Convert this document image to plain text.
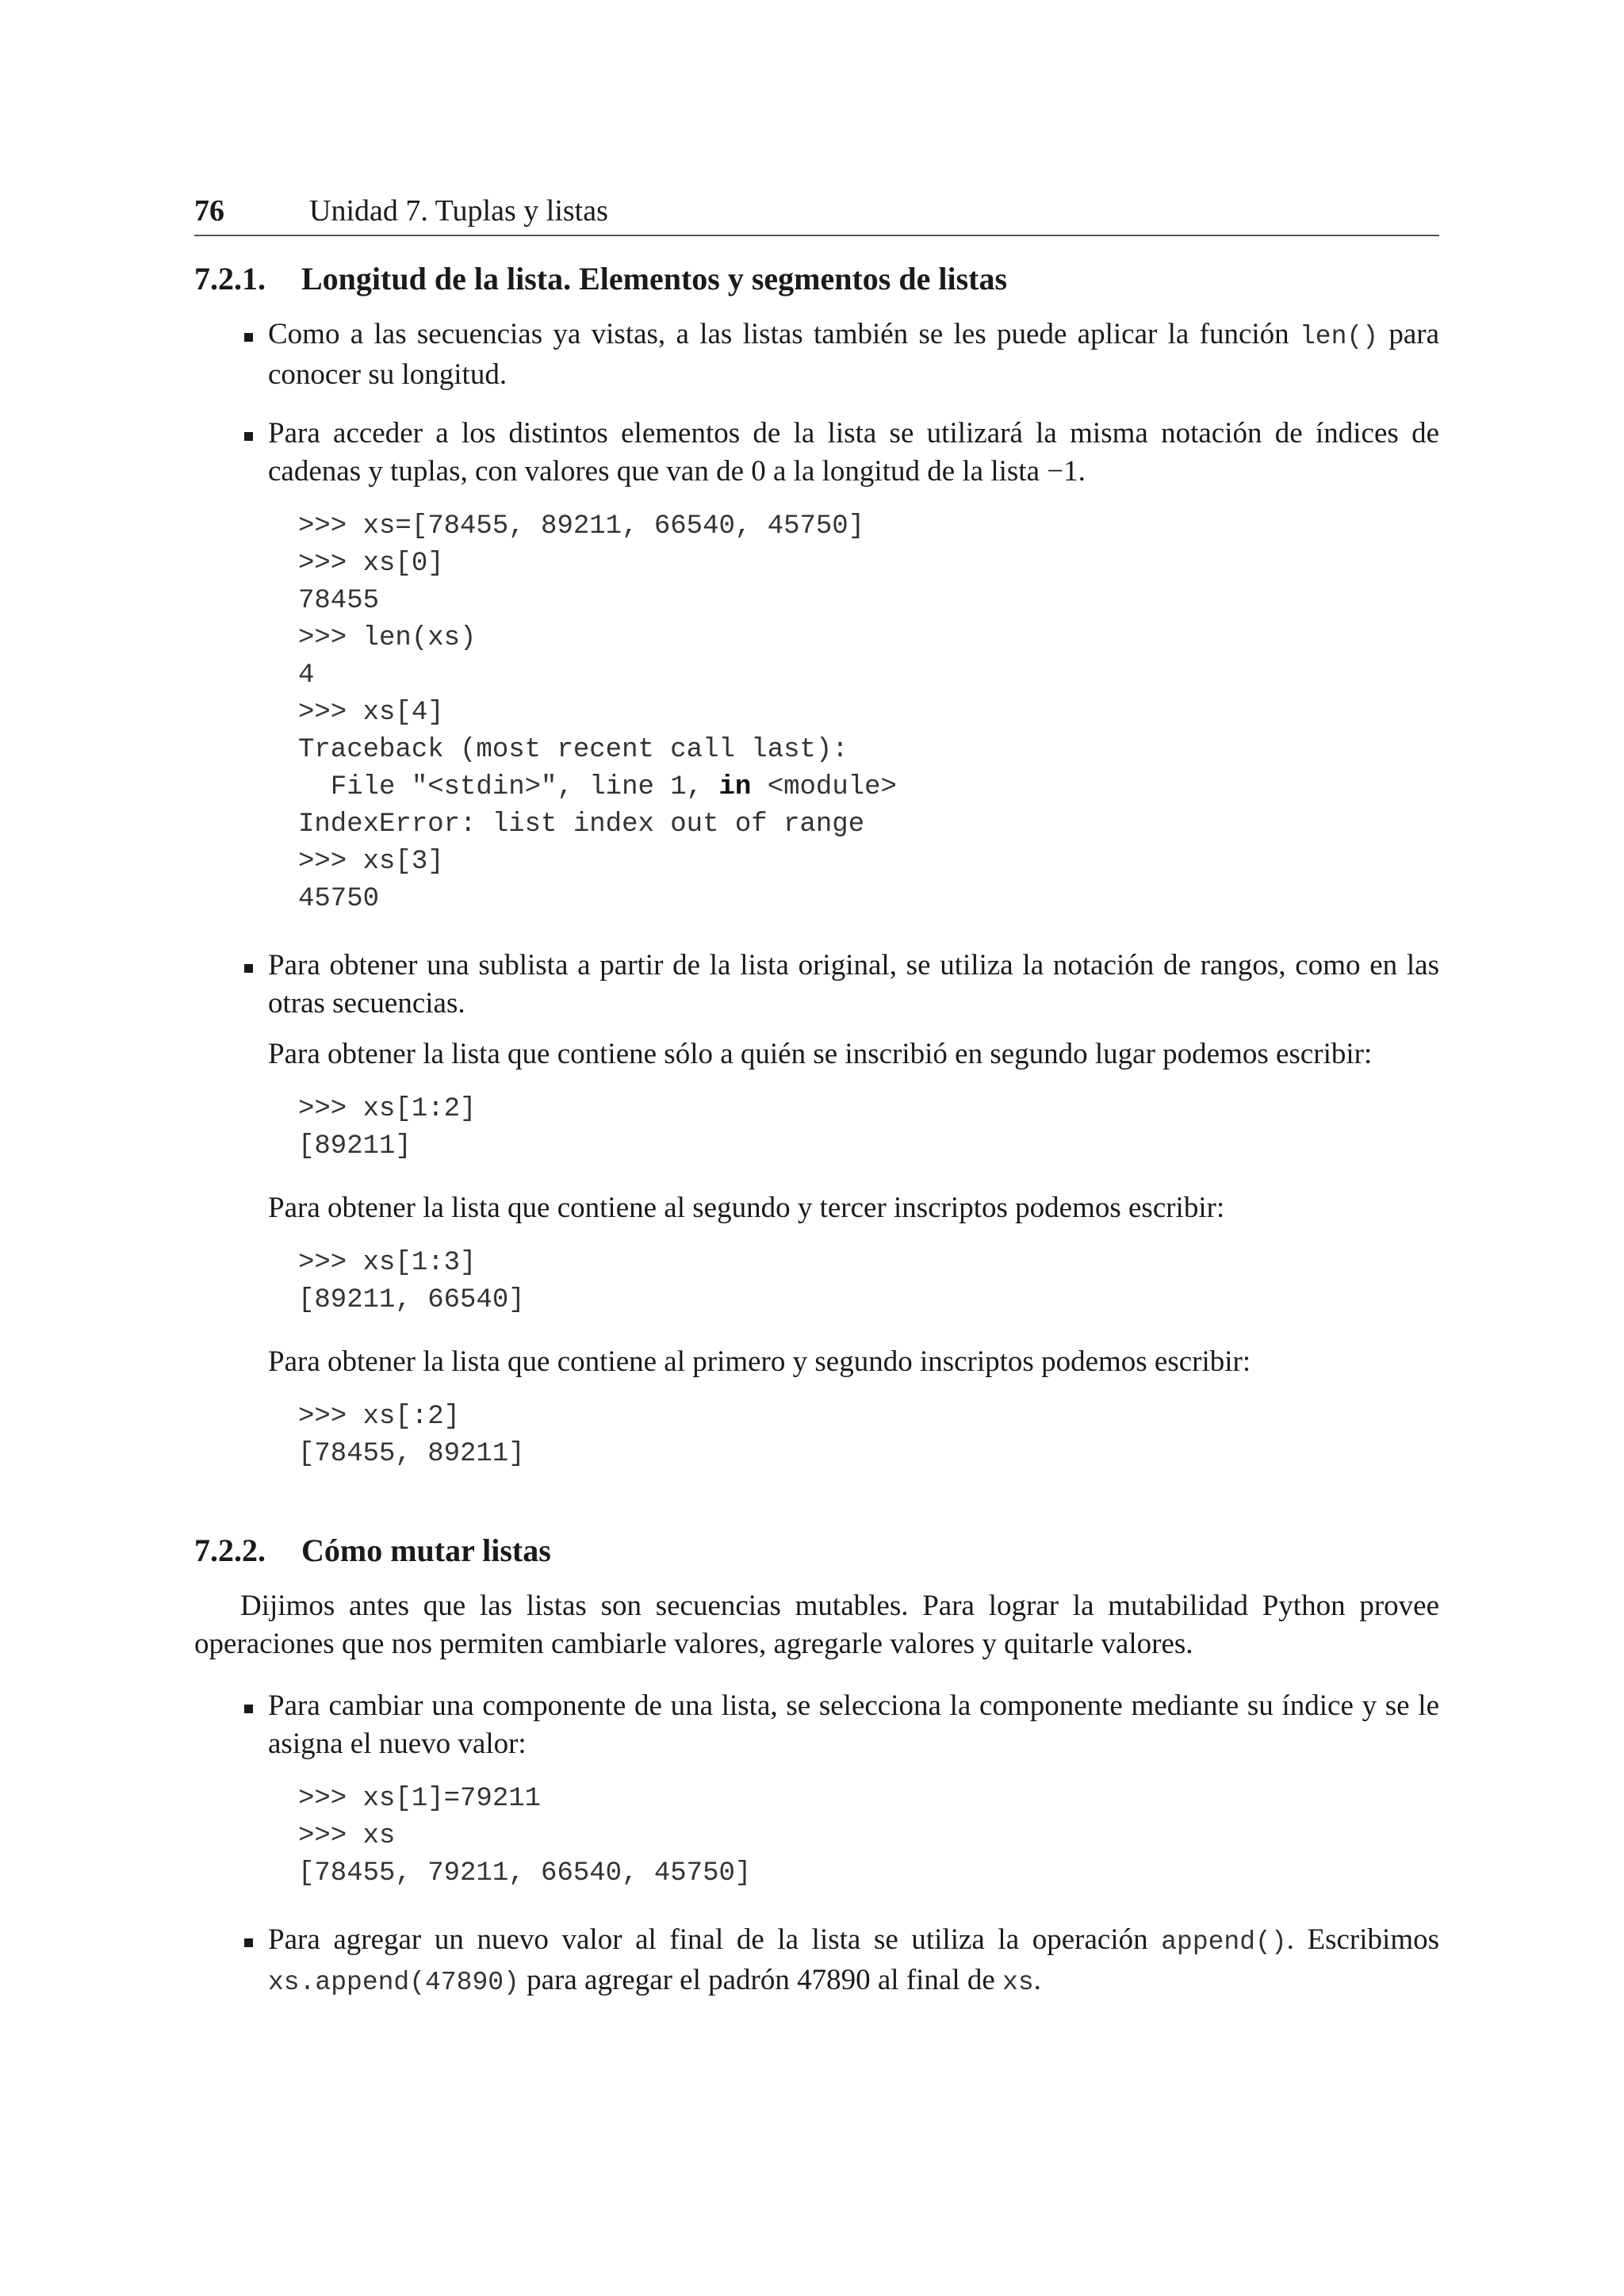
76	Unidad 7. Tuplas y listas
7.2.1.	Longitud de la lista. Elementos y segmentos de listas

Como a las secuencias ya vistas, a las listas también se les puede aplicar la función len() para conocer su longitud.

Para acceder a los distintos elementos de la lista se utilizará la misma notación de índices de cadenas y tuplas, con valores que van de 0 a la longitud de la lista −1.

>>> xs=[78455, 89211, 66540, 45750]
>>> xs[0]
78455
>>> len(xs)
4
>>> xs[4]
Traceback (most recent call last):
File "<stdin>", line 1, in <module>
IndexError: list index out of range
>>> xs[3]
45750

Para obtener una sublista a partir de la lista original, se utiliza la notación de rangos, como en las otras secuencias.

Para obtener la lista que contiene sólo a quién se inscribió en segundo lugar podemos escribir:

>>> xs[1:2]
[89211]

Para obtener la lista que contiene al segundo y tercer inscriptos podemos escribir:

>>> xs[1:3]
[89211, 66540]

Para obtener la lista que contiene al primero y segundo inscriptos podemos escribir:

>>> xs[:2]
[78455, 89211]
7.2.2.	Cómo mutar listas

Dijimos antes que las listas son secuencias mutables. Para lograr la mutabilidad Python provee operaciones que nos permiten cambiarle valores, agregarle valores y quitarle valores.

Para cambiar una componente de una lista, se selecciona la componente mediante su índice y se le asigna el nuevo valor:

>>> xs[1]=79211
>>> xs
[78455, 79211, 66540, 45750]

Para agregar un nuevo valor al final de la lista se utiliza la operación append(). Escribimos xs.append(47890) para agregar el padrón 47890 al final de xs.
